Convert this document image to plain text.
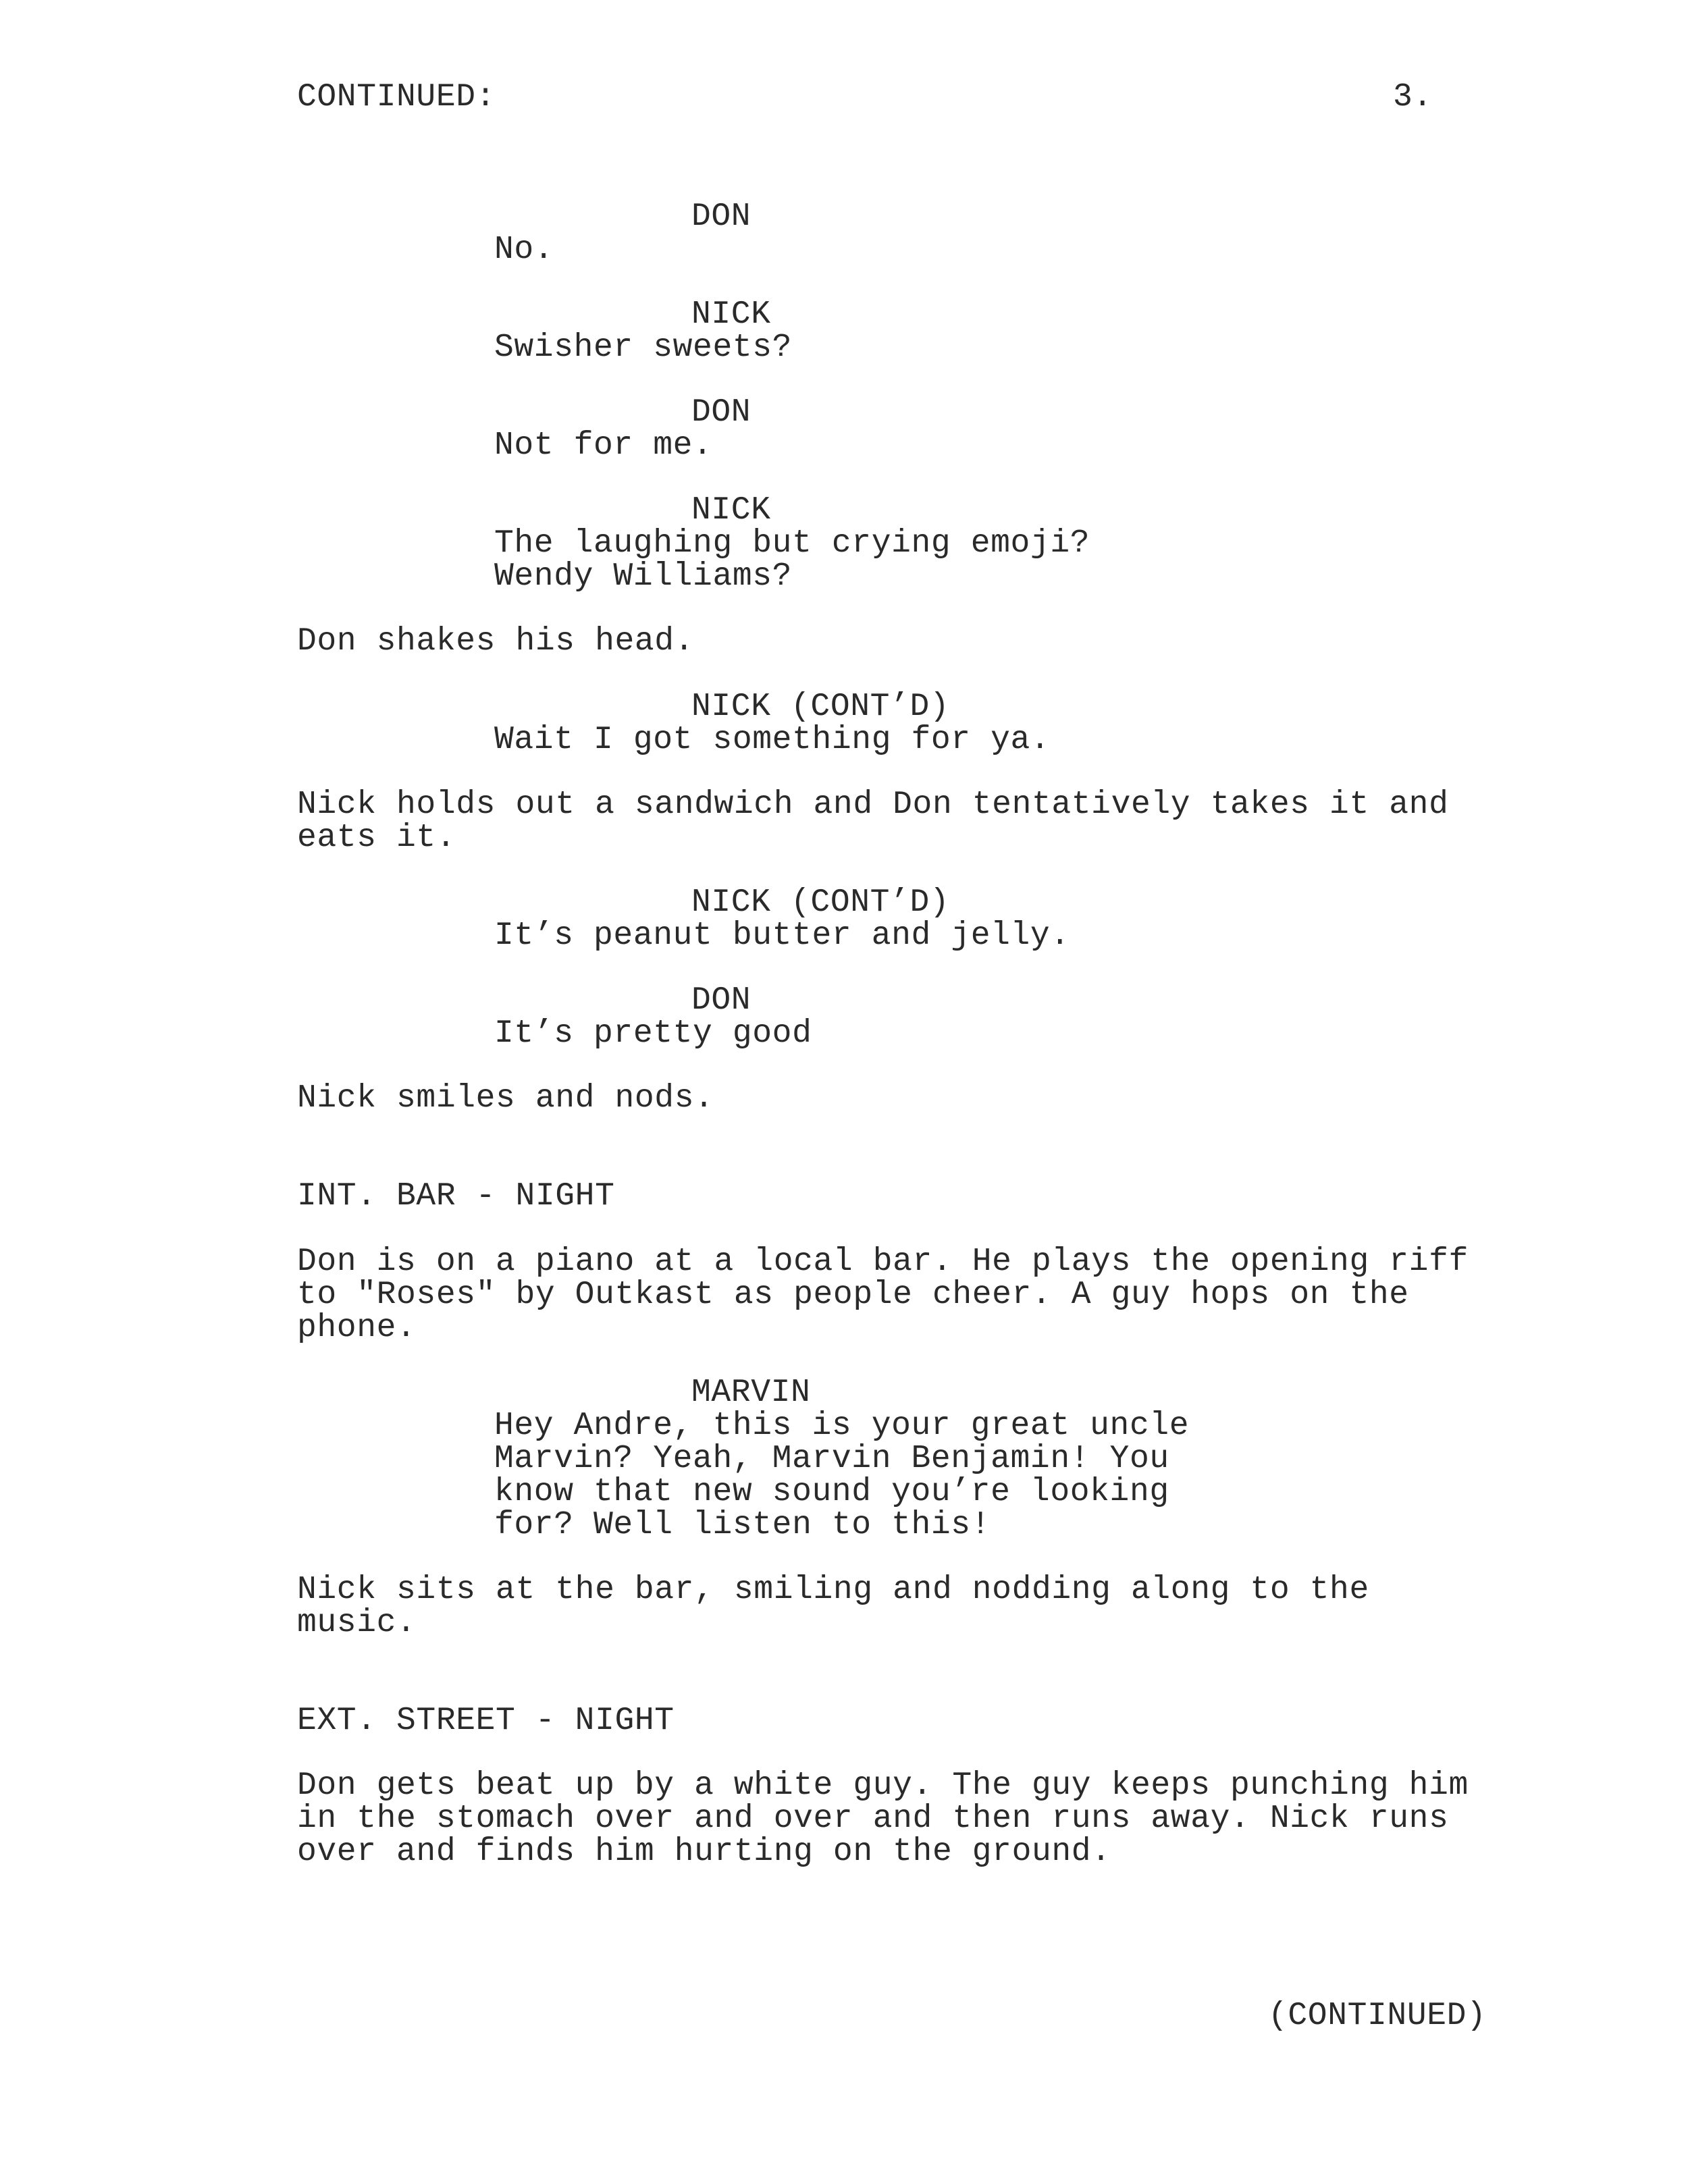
CONTINUED:	3.
DON
No.
NICK
Swisher sweets?
DON
Not for me.
NICK
The laughing but crying emoji?
Wendy Williams?
Don shakes his head.
NICK (CONT’D)
Wait I got something for ya.
Nick holds out a sandwich and Don tentatively takes it and
eats it.
NICK (CONT’D)
It’s peanut butter and jelly.
DON
It’s pretty good
Nick smiles and nods.
INT. BAR - NIGHT
Don is on a piano at a local bar. He plays the opening riff
to "Roses" by Outkast as people cheer. A guy hops on the
phone.
MARVIN
Hey Andre, this is your great uncle
Marvin? Yeah, Marvin Benjamin! You
know that new sound you’re looking
for? Well listen to this!
Nick sits at the bar, smiling and nodding along to the
music.
EXT. STREET - NIGHT
Don gets beat up by a white guy. The guy keeps punching him
in the stomach over and over and then runs away. Nick runs
over and finds him hurting on the ground.
(CONTINUED)
